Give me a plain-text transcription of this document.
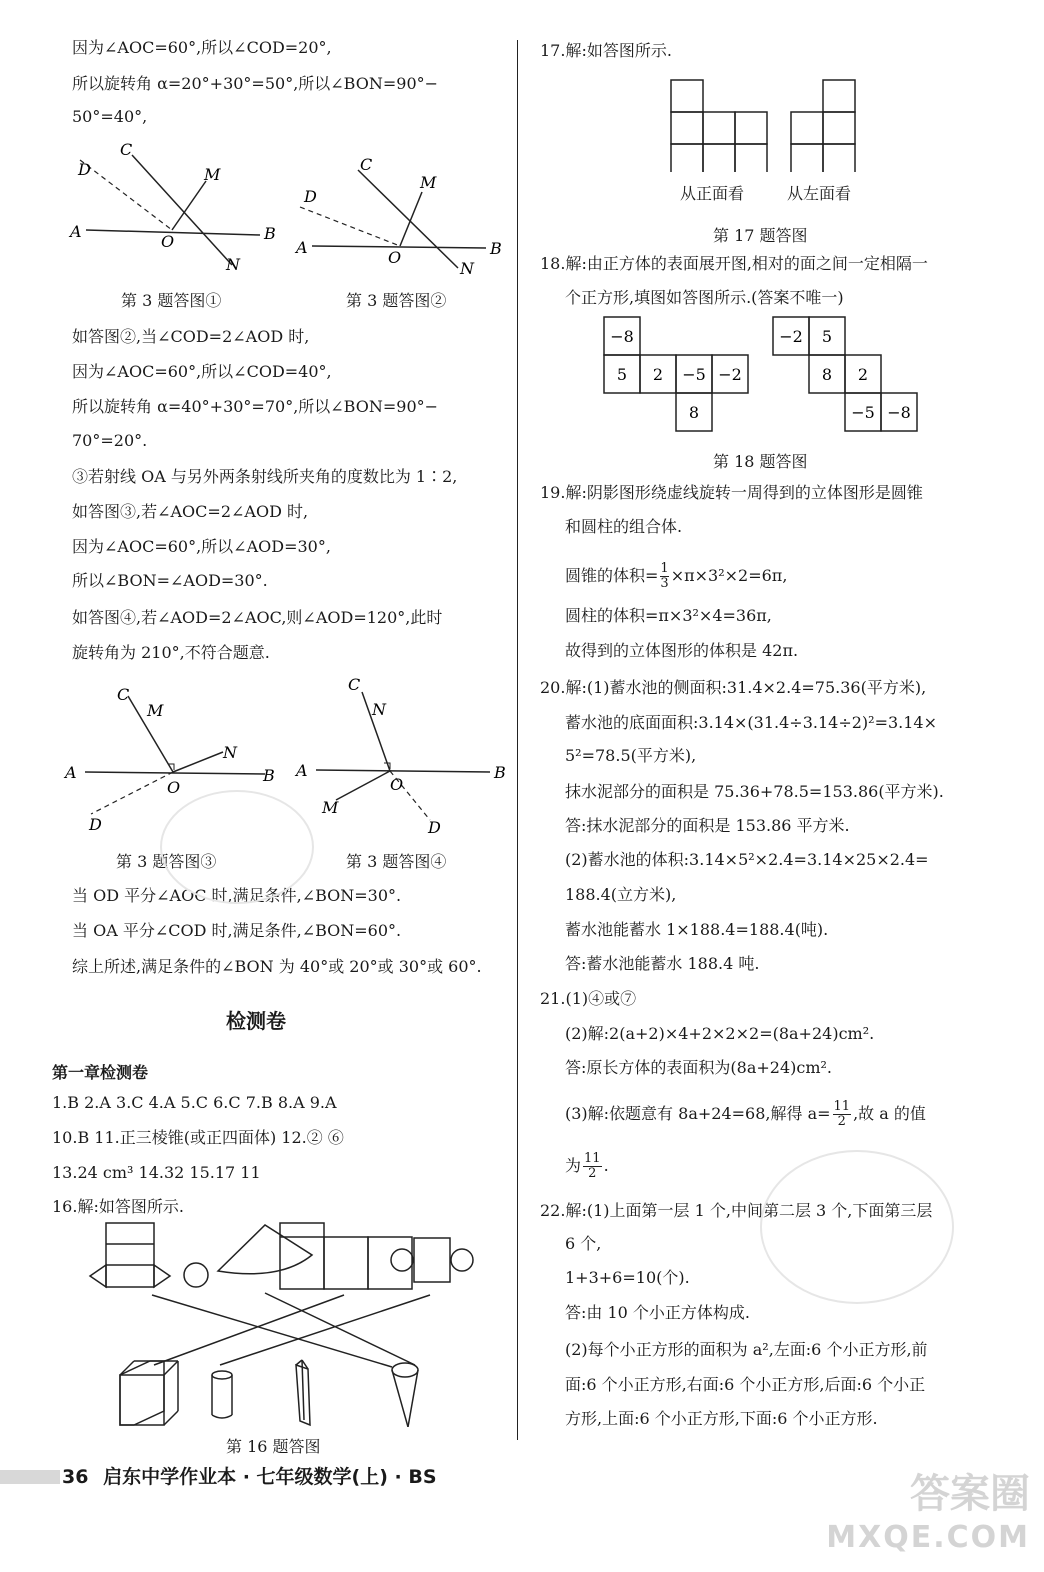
因为∠AOC=60°,所以∠COD=20°,
所以旋转角 α=20°+30°=50°,所以∠BON=90°−
50°=40°,
A	B
C
D	M
N
O	A	B
C
D
M
N
O
第 3 题答图①	第 3 题答图②
如答图②,当∠COD=2∠AOD 时,
因为∠AOC=60°,所以∠COD=40°,
所以旋转角 α=40°+30°=70°,所以∠BON=90°−
70°=20°.
③若射线 OA 与另外两条射线所夹角的度数比为 1∶2,
如答图③,若∠AOC=2∠AOD 时,
因为∠AOC=60°,所以∠AOD=30°,
所以∠BON=∠AOD=30°.
如答图④,若∠AOD=2∠AOC,则∠AOD=120°,此时
旋转角为 210°,不符合题意.
A	B
C
M
N
O
D
A	B
C
N
O
M
D
第 3 题答图③	第 3 题答图④
当 OD 平分∠AOC 时,满足条件,∠BON=30°.
当 OA 平分∠COD 时,满足条件,∠BON=60°.
综上所述,满足条件的∠BON 为 40°或 20°或 30°或 60°.
检测卷
第一章检测卷
1.B 2.A 3.C 4.A 5.C 6.C 7.B 8.A 9.A
10.B 11.正三棱锥(或正四面体) 12.② ⑥
13.24 cm³ 14.32 15.17 11
16.解:如答图所示.
第 16 题答图
17.解:如答图所示.
从正面看	从左面看
第 17 题答图
18.解:由正方体的表面展开图,相对的面之间一定相隔一
个正方形,填图如答图所示.(答案不唯一)
−8
5 2 −5 −2
8
−2 5
8 2
−5 −8
第 18 题答图
19.解:阴影图形绕虚线旋转一周得到的立体图形是圆锥
和圆柱的组合体.
圆锥的体积= $\frac{1}{3} \times\pi\times 3^2\times 2=6\pi$,
圆柱的体积=π×3²×4=36π,
故得到的立体图形的体积是 42π.
20.解:(1)蓄水池的侧面积:31.4×2.4=75.36(平方米),
蓄水池的底面面积:3.14×(31.4÷3.14÷2)²=3.14×
5²=78.5(平方米),
抹水泥部分的面积是 75.36+78.5=153.86(平方米).
答:抹水泥部分的面积是 153.86 平方米.
(2)蓄水池的体积:3.14×5²×2.4=3.14×25×2.4=
188.4(立方米),
蓄水池能蓄水 1×188.4=188.4(吨).
答:蓄水池能蓄水 188.4 吨.
21.(1)④或⑦
(2)解:2(a+2)×4+2×2×2=(8a+24)cm².
答:原长方体的表面积为(8a+24)cm².
(3)解:依题意有 8a+24=68,解得 $a= \frac{11}{2}$ ,故 a 的值
为 $\frac{11}{2}$ .
22.解:(1)上面第一层 1 个,中间第二层 3 个,下面第三层
6 个,
1+3+6=10(个).
答:由 10 个小正方体构成.
(2)每个小正方形的面积为 a²,左面:6 个小正方形,前
面:6 个小正方形,右面:6 个小正方形,后面:6 个小正
方形,上面:6 个小正方形,下面:6 个小正方形.
36 启东中学作业本 · 七年级数学(上) · BS	答案圈
MXQE.COM
